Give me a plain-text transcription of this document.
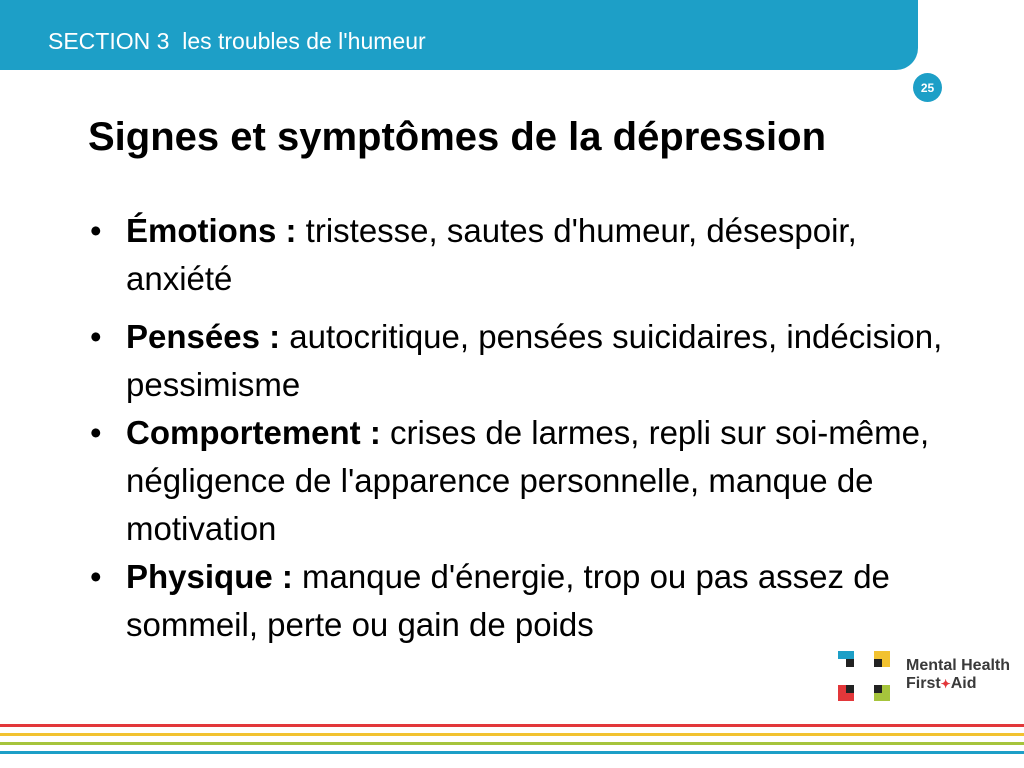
SECTION 3 les troubles de l'humeur
25
Signes et symptômes de la dépression
• Émotions : tristesse, sautes d'humeur, désespoir, anxiété
• Pensées : autocritique, pensées suicidaires, indécision, pessimisme
• Comportement : crises de larmes, repli sur soi-même, négligence de l'apparence personnelle, manque de motivation
• Physique : manque d'énergie, trop ou pas assez de sommeil, perte ou gain de poids
Mental Health
First✦Aid
